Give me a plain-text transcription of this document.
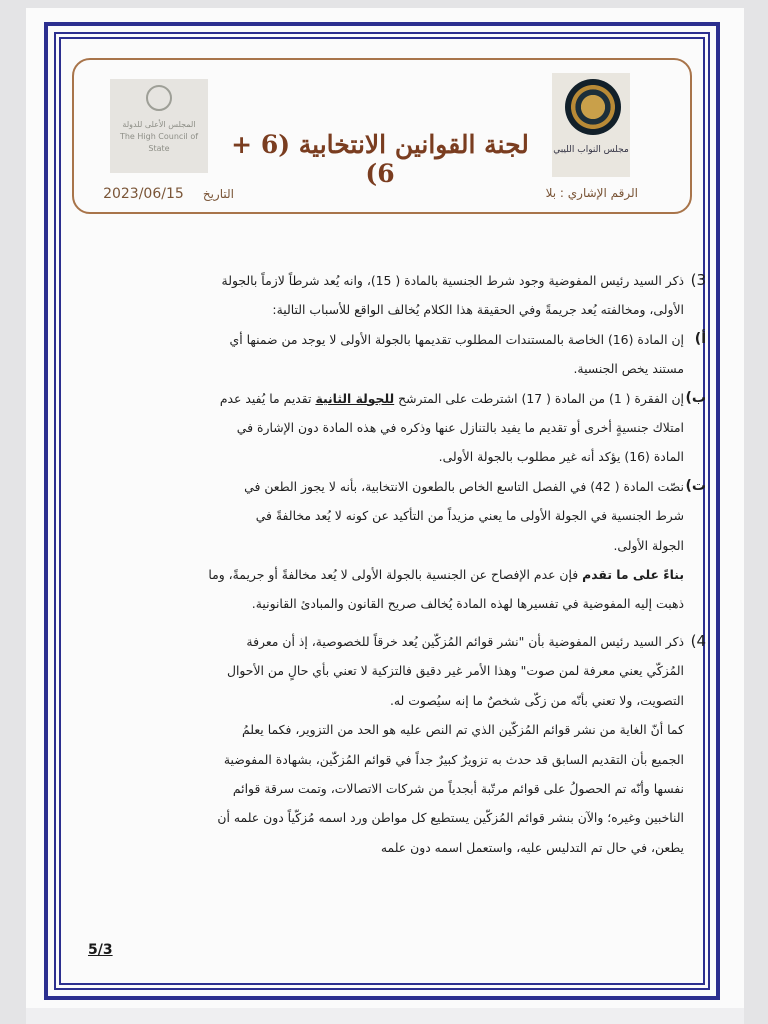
مجلس النواب الليبي
المجلس الأعلى للدولة
The High Council of State	لجنة القوانين الانتخابية (6 + 6)
الرقم الإشاري : بلا
التاريخ     2023/06/15
3)
ذكر السيد رئيس المفوضية وجود شرط الجنسية بالمادة ( 15)، وانه يُعد شرطاً لازماً بالجولة
الأولى، ومخالفته يُعد جريمةً وفي الحقيقة هذا الكلام يُخالف الواقع للأسباب التالية:
أ)
إن المادة (16) الخاصة بالمستندات المطلوب تقديمها بالجولة الأولى لا يوجد من ضمنها أي
مستند يخص الجنسية.
ب)
إن الفقرة ( 1) من المادة ( 17) اشترطت على المترشح للجولة الثانية تقديم ما يُفيد عدم
امتلاك جنسيةٍ أخرى أو تقديم ما يفيد بالتنازل عنها وذكره في هذه المادة دون الإشارة في
المادة (16) يؤكد أنه غير مطلوب بالجولة الأولى.
ت)
نصّت المادة ( 42) في الفصل التاسع الخاص بالطعون الانتخابية، بأنه لا يجوز الطعن في
شرط الجنسية في الجولة الأولى ما يعني مزيداً من التأكيد عن كونه لا يُعد مخالفةً في
الجولة الأولى.
بناءً على ما تقدم فإن عدم الإفصاح عن الجنسية بالجولة الأولى لا يُعد مخالفةً أو جريمةً، وما
ذهبت إليه المفوضية في تفسيرها لهذه المادة يُخالف صريح القانون والمبادئ القانونية.
4)
ذكر السيد رئيس المفوضية بأن "نشر قوائم المُزكّين يُعد خرقاً للخصوصية، إذ أن معرفة
المُزكّي يعني معرفة لمن صوت" وهذا الأمر غير دقيق فالتزكية لا تعني بأي حالٍ من الأحوال
التصويت، ولا تعني بأنّه من زكّى شخصٌ ما إنه سيُصوت له.
كما أنّ الغاية من نشر قوائم المُزكّين الذي تم النص عليه هو الحد من التزوير، فكما يعلمُ
الجميع بأن التقديم السابق قد حدث به تزويرٌ كبيرٌ جداً في قوائم المُزكّين، بشهادة المفوضية
نفسها وأنّه تم الحصولُ على قوائم مرتّبة أبجدياً من شركات الاتصالات، وتمت سرقة قوائم
الناخبين وغيره؛ والآن بنشر قوائم المُزكّين يستطيع كل مواطن ورد اسمه مُزكّياً دون علمه أن
يطعن، في حال تم التدليس عليه، واستعمل اسمه دون علمه
5/3
